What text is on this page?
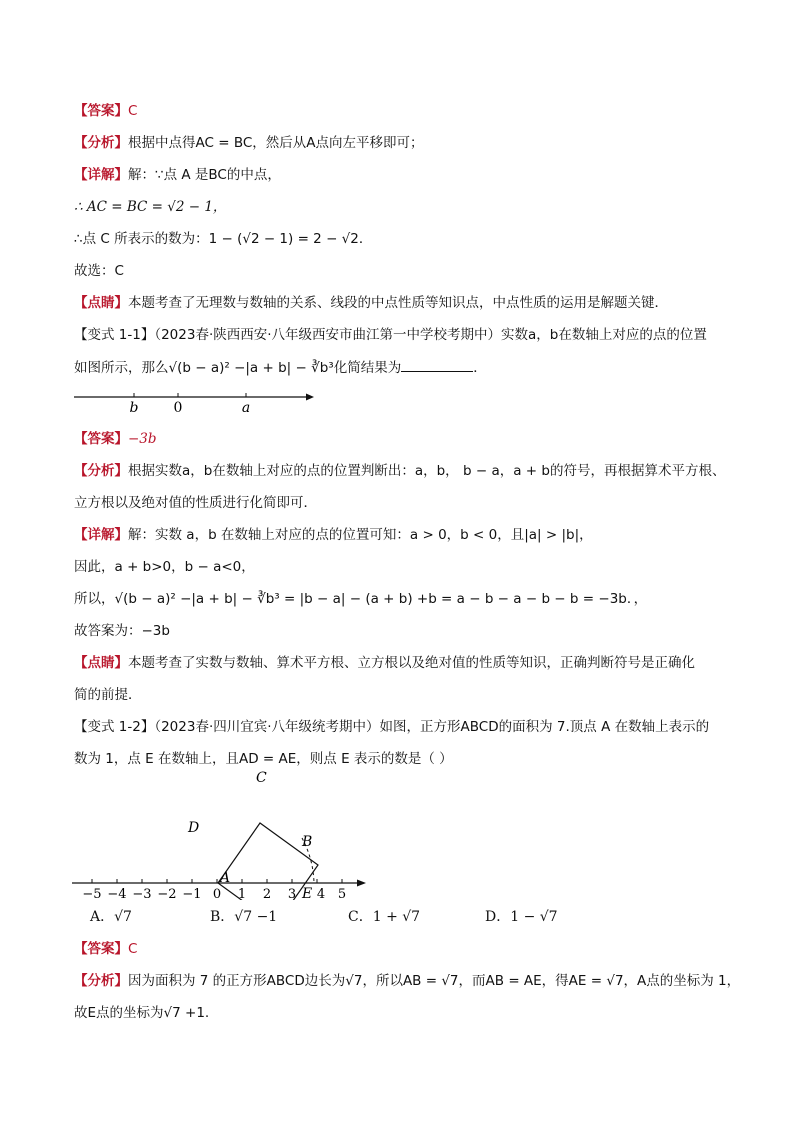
【答案】C
【分析】根据中点得AC = BC，然后从A点向左平移即可；
【详解】解：∵点 A 是BC的中点，
∴ AC = BC = √2 − 1，
∴点 C 所表示的数为：1 − (√2 − 1) = 2 − √2．
故选：C
【点睛】本题考查了无理数与数轴的关系、线段的中点性质等知识点，中点性质的运用是解题关键．
【变式 1-1】（2023春·陕西西安·八年级西安市曲江第一中学校考期中）实数a，b在数轴上对应的点的位置
如图所示，那么√(b − a)² −|a + b| − ∛b³化简结果为	．
b	0	a
【答案】−3b
【分析】根据实数a，b在数轴上对应的点的位置判断出：a，b， b − a，a + b的符号，再根据算术平方根、
立方根以及绝对值的性质进行化简即可．
【详解】解：实数 a，b 在数轴上对应的点的位置可知：a > 0，b < 0，且|a| > |b|，
因此，a + b>0，b − a<0，
所以，√(b − a)² −|a + b| − ∛b³ = |b − a| − (a + b) +b = a − b − a − b − b = −3b．，
故答案为：−3b
【点睛】本题考查了实数与数轴、算术平方根、立方根以及绝对值的性质等知识，正确判断符号是正确化
简的前提．
【变式 1-2】（2023春·四川宜宾·八年级统考期中）如图，正方形ABCD的面积为 7.顶点 A 在数轴上表示的
数为 1，点 E 在数轴上，且AD = AE，则点 E 表示的数是（ ）
−5 −4 −3 −2 −1 0 1 2 3 4 5
C
D
B
A
E
A．√7	B．√7 −1	C．1 + √7	D．1 − √7
【答案】C
【分析】因为面积为 7 的正方形ABCD边长为√7，所以AB = √7，而AB = AE，得AE = √7，A点的坐标为 1，
故E点的坐标为√7 +1.
